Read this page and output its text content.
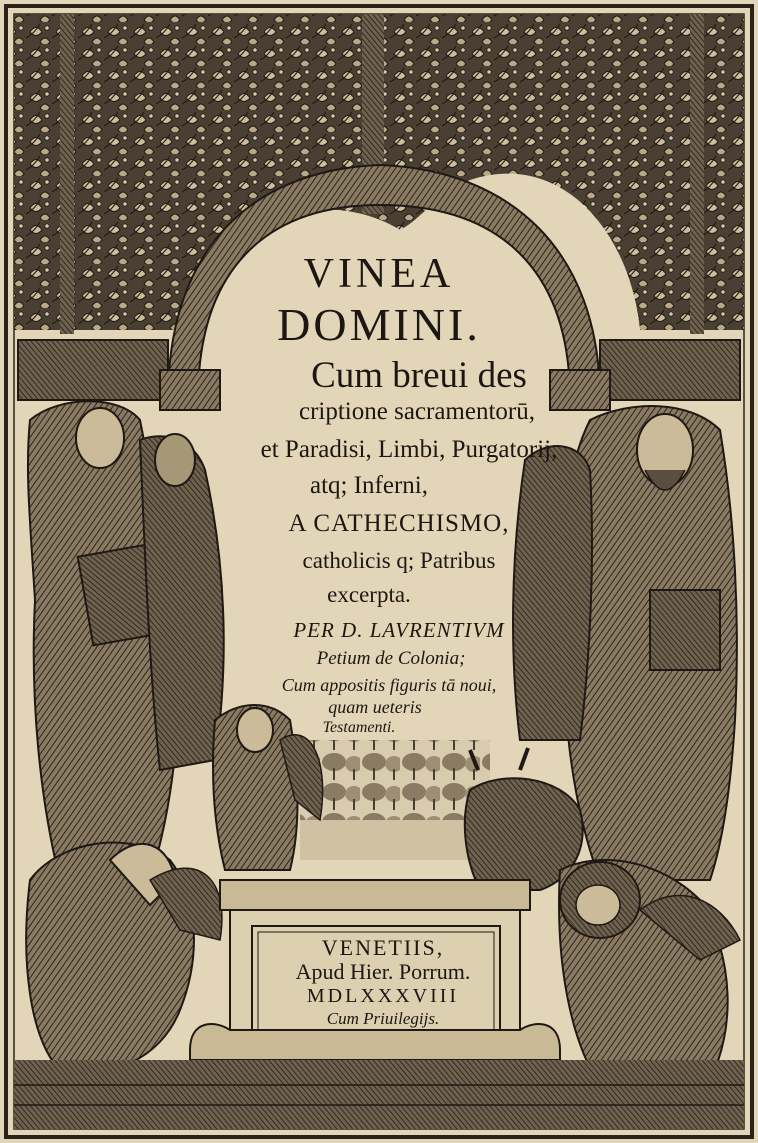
VINEA

DOMINI.

Cum breui des

criptione sacramentorū,

et Paradisi, Limbi, Purgatorij,

atq; Inferni,

A CATHECHISMO,

catholicis q; Patribus

excerpta.

PER D. LAVRENTIVM

Petium de Colonia;

Cum appositis figuris tā noui,

quam ueteris

Testamenti.

VENETIIS,

Apud Hier. Porrum.

MDLXXXVIII

Cum Priuilegijs.
